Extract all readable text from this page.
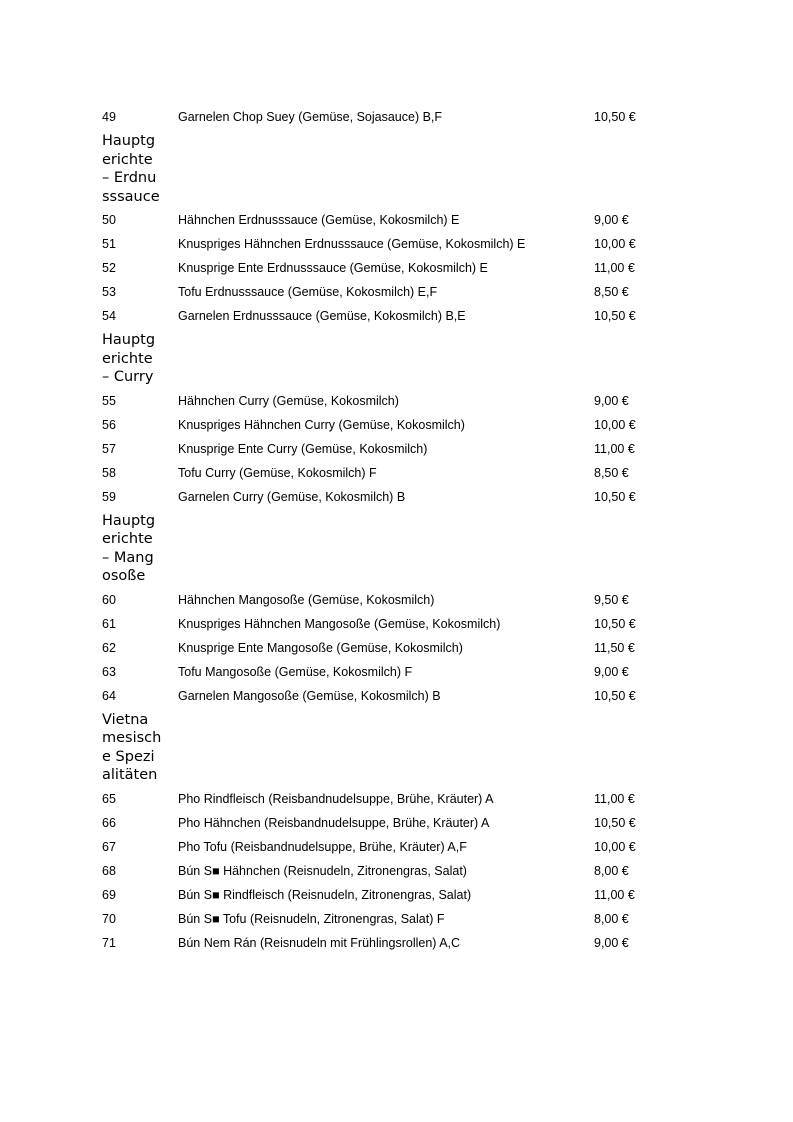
49	Garnelen Chop Suey (Gemüse, Sojasauce) B,F	10,50 €
Hauptgerichte – Erdnusssauce
50	Hähnchen Erdnusssauce (Gemüse, Kokosmilch) E	9,00 €
51	Knuspriges Hähnchen Erdnusssauce (Gemüse, Kokosmilch) E	10,00 €
52	Knusprige Ente Erdnusssauce (Gemüse, Kokosmilch) E	11,00 €
53	Tofu Erdnusssauce (Gemüse, Kokosmilch) E,F	8,50 €
54	Garnelen Erdnusssauce (Gemüse, Kokosmilch) B,E	10,50 €
Hauptgerichte – Curry
55	Hähnchen Curry (Gemüse, Kokosmilch)	9,00 €
56	Knuspriges Hähnchen Curry (Gemüse, Kokosmilch)	10,00 €
57	Knusprige Ente Curry (Gemüse, Kokosmilch)	11,00 €
58	Tofu Curry (Gemüse, Kokosmilch) F	8,50 €
59	Garnelen Curry (Gemüse, Kokosmilch) B	10,50 €
Hauptgerichte – Mangosoße
60	Hähnchen Mangosoße (Gemüse, Kokosmilch)	9,50 €
61	Knuspriges Hähnchen Mangosoße (Gemüse, Kokosmilch)	10,50 €
62	Knusprige Ente Mangosoße (Gemüse, Kokosmilch)	11,50 €
63	Tofu Mangosoße (Gemüse, Kokosmilch) F	9,00 €
64	Garnelen Mangosoße (Gemüse, Kokosmilch) B	10,50 €
Vietnamesische Spezialitäten
65	Pho Rindfleisch (Reisbandnudelsuppe, Brühe, Kräuter) A	11,00 €
66	Pho Hähnchen (Reisbandnudelsuppe, Brühe, Kräuter) A	10,50 €
67	Pho Tofu (Reisbandnudelsuppe, Brühe, Kräuter) A,F	10,00 €
68	Bún S■ Hähnchen (Reisnudeln, Zitronengras, Salat)	8,00 €
69	Bún S■ Rindfleisch (Reisnudeln, Zitronengras, Salat)	11,00 €
70	Bún S■ Tofu (Reisnudeln, Zitronengras, Salat) F	8,00 €
71	Bún Nem Rán (Reisnudeln mit Frühlingsrollen) A,C	9,00 €
